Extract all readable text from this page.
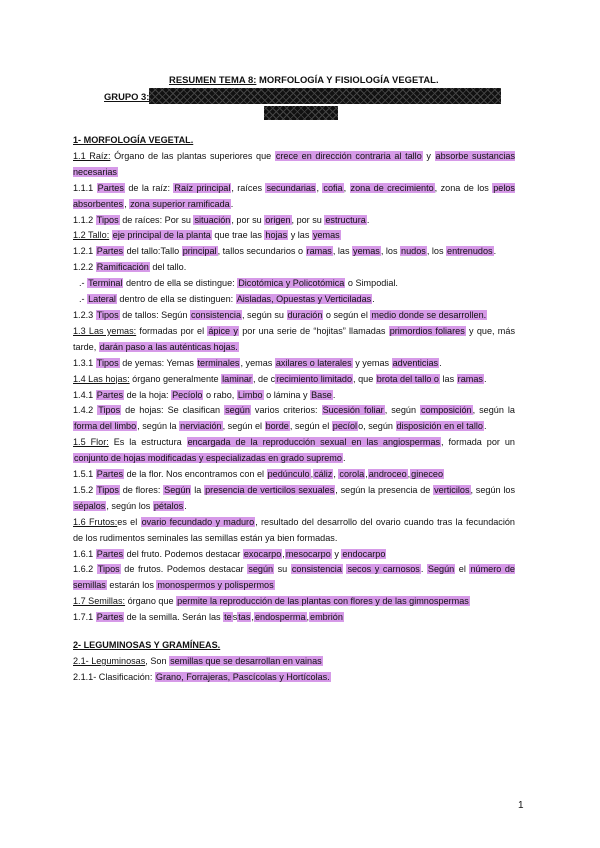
RESUMEN TEMA 8: MORFOLOGÍA Y FISIOLOGÍA VEGETAL.
GRUPO 3:

1- MORFOLOGÍA VEGETAL.

1.1 Raíz: Órgano de las plantas superiores que crece en dirección contraria al tallo y absorbe sustancias necesarias

1.1.1 Partes de la raíz: Raíz principal, raíces secundarias, cofia, zona de crecimiento, zona de los pelos absorbentes, zona superior ramificada.

1.1.2 Tipos de raíces: Por su situación, por su origen, por su estructura.

1.2 Tallo: eje principal de la planta que trae las hojas y las yemas

1.2.1 Partes del tallo:Tallo principal, tallos secundarios o ramas, las yemas, los nudos, los entrenudos.

1.2.2 Ramificación del tallo.

.- Terminal dentro de ella se distingue: Dicotómica y Policotómica o Simpodial.

.- Lateral dentro de ella se distinguen: Aisladas, Opuestas y Verticiladas.

1.2.3 Tipos de tallos: Según consistencia, según su duración o según el medio donde se desarrollen.

1.3 Las yemas: formadas por el ápice y por una serie de “hojitas” llamadas primordios foliares y que, más tarde, darán paso a las auténticas hojas.

1.3.1 Tipos de yemas: Yemas terminales, yemas axilares o laterales y yemas adventicias.

1.4 Las hojas: órgano generalmente laminar, de crecimiento limitado, que brota del tallo o las ramas.

1.4.1 Partes de la hoja: Pecíolo o rabo, Limbo o lámina y Base.

1.4.2 Tipos de hojas: Se clasifican según varios criterios: Sucesión foliar, según composición, según la forma del limbo, según la nerviación, según el borde, según el pecíolo, según disposición en el tallo.

1.5 Flor: Es la estructura encargada de la reproducción sexual en las angiospermas, formada por un conjunto de hojas modificadas y especializadas en grado supremo.

1.5.1 Partes de la flor. Nos encontramos con el pedúnculo,cáliz, corola,androceo,gineceo

1.5.2 Tipos de flores: Según la presencia de verticilos sexuales, según la presencia de verticilos, según los sépalos, según los pétalos.

1.6 Frutos:es el ovario fecundado y maduro, resultado del desarrollo del ovario cuando tras la fecundación de los rudimentos seminales las semillas están ya bien formadas.

1.6.1 Partes del fruto. Podemos destacar exocarpo,mesocarpo y endocarpo

1.6.2 Tipos de frutos. Podemos destacar según su consistencia secos y carnosos. Según el número de semillas estarán los monospermos y polispermos

1.7 Semillas: órgano que permite la reproducción de las plantas con flores y de las gimnospermas

1.7.1 Partes de la semilla. Serán las testas,endosperma,embrión

2- LEGUMINOSAS Y GRAMÍNEAS.

2.1- Leguminosas, Son semillas que se desarrollan en vainas

2.1.1- Clasificación: Grano, Forrajeras, Pascícolas y Hortícolas.

1
